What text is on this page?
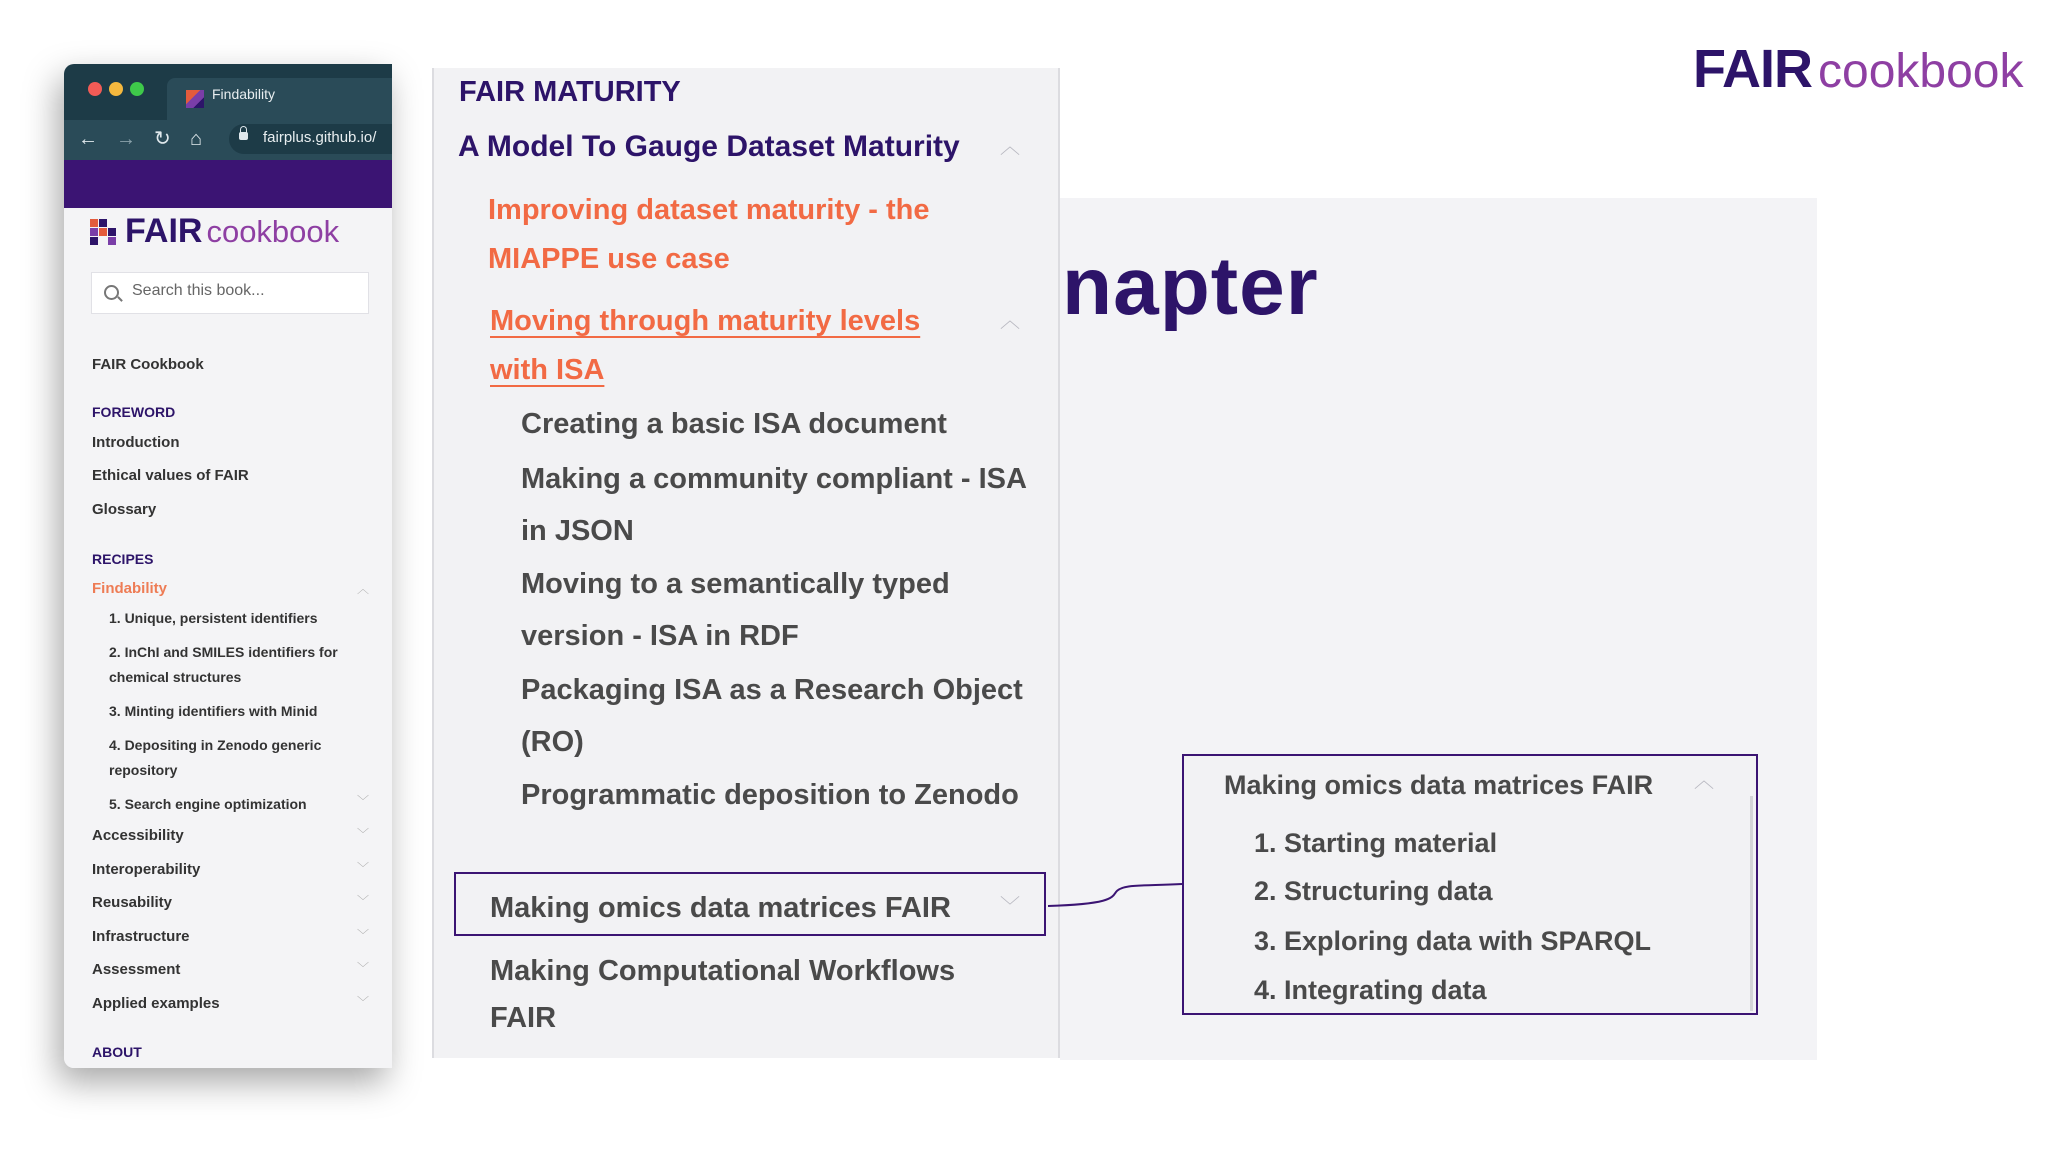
FAIR cookbook
napter
Findability
← → ↻ ⌂	fairplus.github.io/
FAIR cookbook
Search this book...
FAIR Cookbook
FOREWORD
Introduction
Ethical values of FAIR
Glossary
RECIPES
Findability	︿
1. Unique, persistent identifiers
2. InChI and SMILES identifiers for chemical structures
3. Minting identifiers with Minid
4. Depositing in Zenodo generic repository
5. Search engine optimization	﹀
Accessibility	﹀
Interoperability	﹀
Reusability	﹀
Infrastructure	﹀
Assessment	﹀
Applied examples	﹀
ABOUT
FAIR MATURITY
A Model To Gauge Dataset Maturity ︿
Improving dataset maturity - the MIAPPE use case
Moving through maturity levels with ISA
︿
Creating a basic ISA document
Making a community compliant - ISA in JSON
Moving to a semantically typed version - ISA in RDF
Packaging ISA as a Research Object (RO)
Programmatic deposition to Zenodo
Making omics data matrices FAIR	﹀
Making Computational Workflows FAIR
Making omics data matrices FAIR ︿
1. Starting material
2. Structuring data
3. Exploring data with SPARQL
4. Integrating data
